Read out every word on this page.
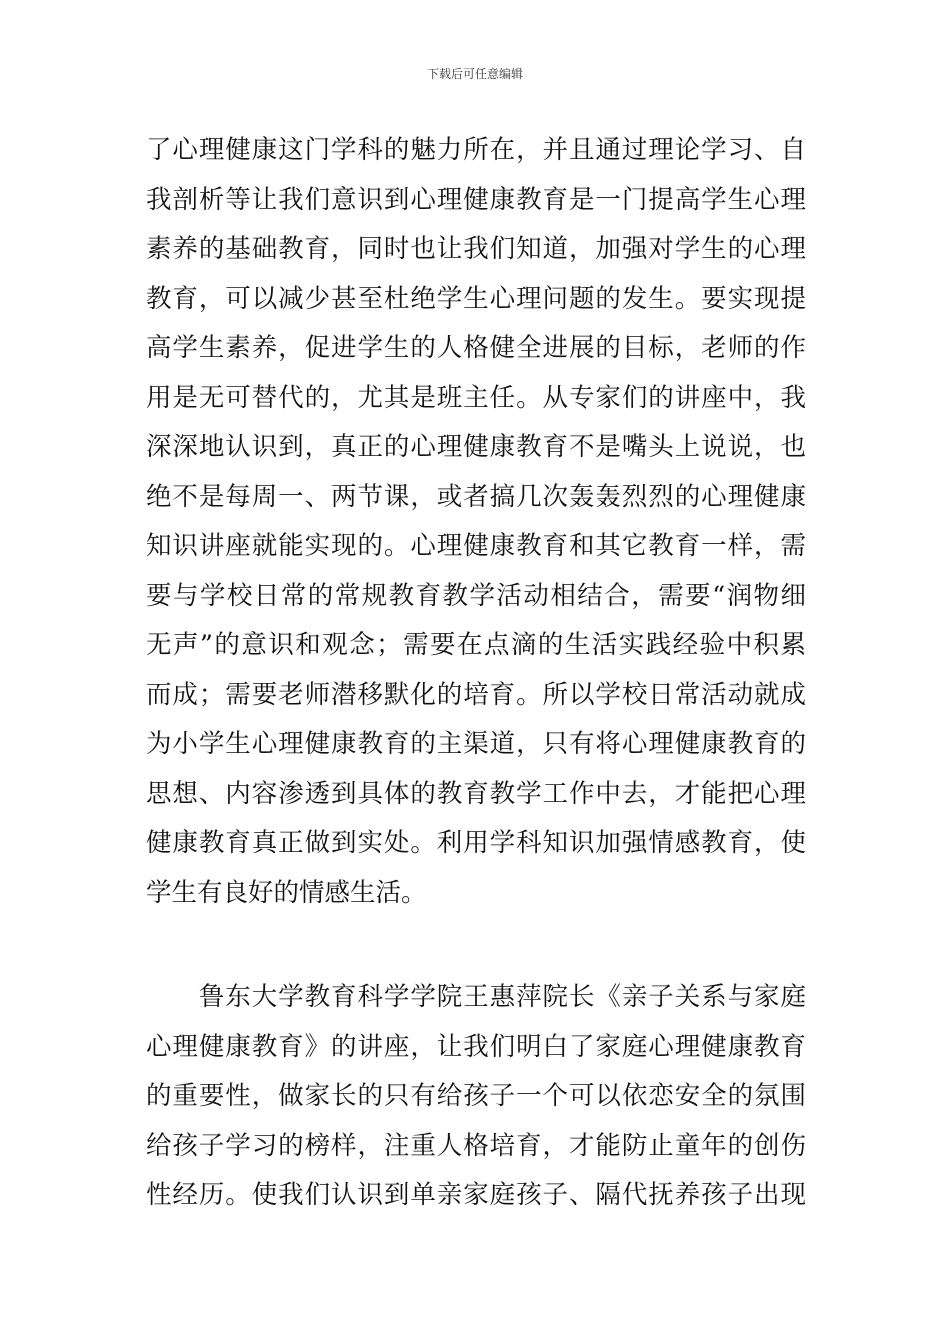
下载后可任意编辑
了心理健康这门学科的魅力所在，并且通过理论学习、自
我剖析等让我们意识到心理健康教育是一门提高学生心理
素养的基础教育，同时也让我们知道，加强对学生的心理
教育，可以减少甚至杜绝学生心理问题的发生。要实现提
高学生素养，促进学生的人格健全进展的目标，老师的作
用是无可替代的，尤其是班主任。从专家们的讲座中，我
深深地认识到，真正的心理健康教育不是嘴头上说说，也
绝不是每周一、两节课，或者搞几次轰轰烈烈的心理健康
知识讲座就能实现的。心理健康教育和其它教育一样，需
要与学校日常的常规教育教学活动相结合，需要“润物细
无声”的意识和观念；需要在点滴的生活实践经验中积累
而成；需要老师潜移默化的培育。所以学校日常活动就成
为小学生心理健康教育的主渠道，只有将心理健康教育的
思想、内容渗透到具体的教育教学工作中去，才能把心理
健康教育真正做到实处。利用学科知识加强情感教育，使
学生有良好的情感生活。
　　鲁东大学教育科学学院王惠萍院长《亲子关系与家庭
心理健康教育》的讲座，让我们明白了家庭心理健康教育
的重要性，做家长的只有给孩子一个可以依恋安全的氛围
给孩子学习的榜样，注重人格培育，才能防止童年的创伤
性经历。使我们认识到单亲家庭孩子、隔代抚养孩子出现
